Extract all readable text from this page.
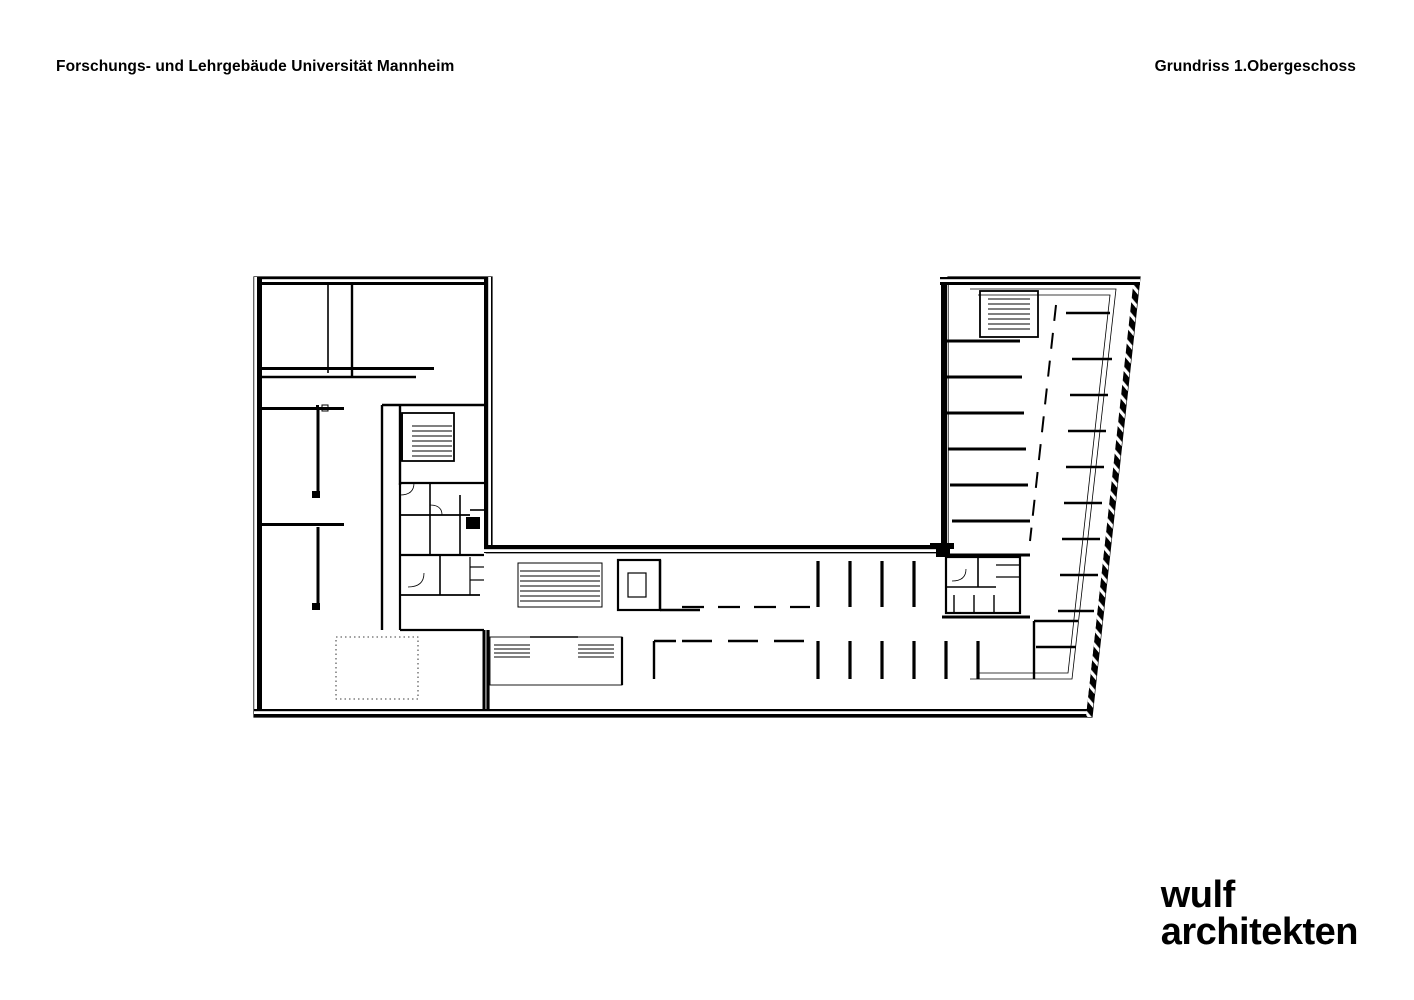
Forschungs- und Lehrgebäude Universität Mannheim	Grundriss 1.Obergeschoss
wulf
architekten
